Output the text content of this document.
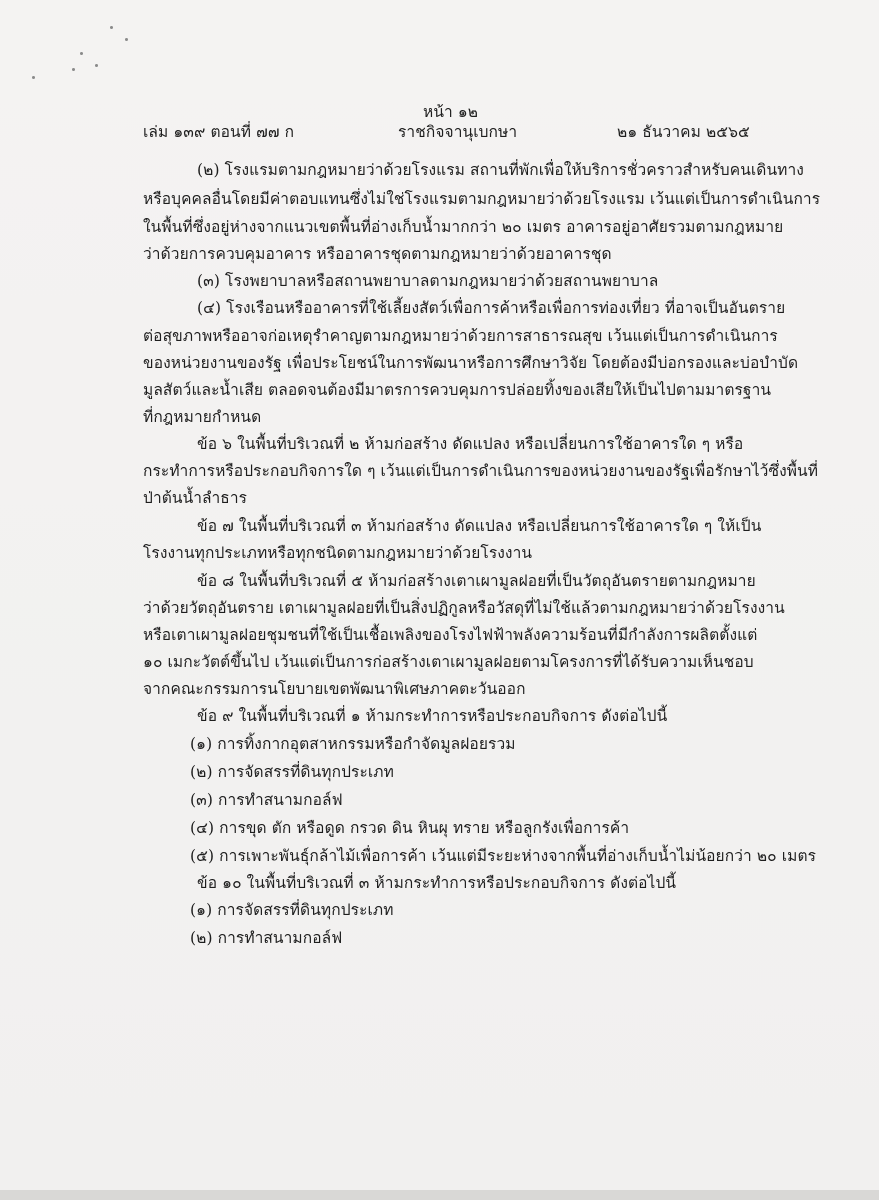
หน้า ๑๒
เล่ม ๑๓๙ ตอนที่ ๗๗ ก	ราชกิจจานุเบกษา	๒๑ ธันวาคม ๒๕๖๕
(๒) โรงแรมตามกฎหมายว่าด้วยโรงแรม สถานที่พักเพื่อให้บริการชั่วคราวสำหรับคนเดินทาง
หรือบุคคลอื่นโดยมีค่าตอบแทนซึ่งไม่ใช่โรงแรมตามกฎหมายว่าด้วยโรงแรม เว้นแต่เป็นการดำเนินการ
ในพื้นที่ซึ่งอยู่ห่างจากแนวเขตพื้นที่อ่างเก็บน้ำมากกว่า ๒๐ เมตร อาคารอยู่อาศัยรวมตามกฎหมาย
ว่าด้วยการควบคุมอาคาร หรืออาคารชุดตามกฎหมายว่าด้วยอาคารชุด
(๓) โรงพยาบาลหรือสถานพยาบาลตามกฎหมายว่าด้วยสถานพยาบาล
(๔) โรงเรือนหรืออาคารที่ใช้เลี้ยงสัตว์เพื่อการค้าหรือเพื่อการท่องเที่ยว ที่อาจเป็นอันตราย
ต่อสุขภาพหรืออาจก่อเหตุรำคาญตามกฎหมายว่าด้วยการสาธารณสุข เว้นแต่เป็นการดำเนินการ
ของหน่วยงานของรัฐ เพื่อประโยชน์ในการพัฒนาหรือการศึกษาวิจัย โดยต้องมีบ่อกรองและบ่อบำบัด
มูลสัตว์และน้ำเสีย ตลอดจนต้องมีมาตรการควบคุมการปล่อยทิ้งของเสียให้เป็นไปตามมาตรฐาน
ที่กฎหมายกำหนด
ข้อ ๖ ในพื้นที่บริเวณที่ ๒ ห้ามก่อสร้าง ดัดแปลง หรือเปลี่ยนการใช้อาคารใด ๆ หรือ
กระทำการหรือประกอบกิจการใด ๆ เว้นแต่เป็นการดำเนินการของหน่วยงานของรัฐเพื่อรักษาไว้ซึ่งพื้นที่
ป่าต้นน้ำลำธาร
ข้อ ๗ ในพื้นที่บริเวณที่ ๓ ห้ามก่อสร้าง ดัดแปลง หรือเปลี่ยนการใช้อาคารใด ๆ ให้เป็น
โรงงานทุกประเภทหรือทุกชนิดตามกฎหมายว่าด้วยโรงงาน
ข้อ ๘ ในพื้นที่บริเวณที่ ๕ ห้ามก่อสร้างเตาเผามูลฝอยที่เป็นวัตถุอันตรายตามกฎหมาย
ว่าด้วยวัตถุอันตราย เตาเผามูลฝอยที่เป็นสิ่งปฏิกูลหรือวัสดุที่ไม่ใช้แล้วตามกฎหมายว่าด้วยโรงงาน
หรือเตาเผามูลฝอยชุมชนที่ใช้เป็นเชื้อเพลิงของโรงไฟฟ้าพลังความร้อนที่มีกำลังการผลิตตั้งแต่
๑๐ เมกะวัตต์ขึ้นไป เว้นแต่เป็นการก่อสร้างเตาเผามูลฝอยตามโครงการที่ได้รับความเห็นชอบ
จากคณะกรรมการนโยบายเขตพัฒนาพิเศษภาคตะวันออก
ข้อ ๙ ในพื้นที่บริเวณที่ ๑ ห้ามกระทำการหรือประกอบกิจการ ดังต่อไปนี้
(๑) การทิ้งกากอุตสาหกรรมหรือกำจัดมูลฝอยรวม
(๒) การจัดสรรที่ดินทุกประเภท
(๓) การทำสนามกอล์ฟ
(๔) การขุด ตัก หรือดูด กรวด ดิน หินผุ ทราย หรือลูกรังเพื่อการค้า
(๕) การเพาะพันธุ์กล้าไม้เพื่อการค้า เว้นแต่มีระยะห่างจากพื้นที่อ่างเก็บน้ำไม่น้อยกว่า ๒๐ เมตร
ข้อ ๑๐ ในพื้นที่บริเวณที่ ๓ ห้ามกระทำการหรือประกอบกิจการ ดังต่อไปนี้
(๑) การจัดสรรที่ดินทุกประเภท
(๒) การทำสนามกอล์ฟ
